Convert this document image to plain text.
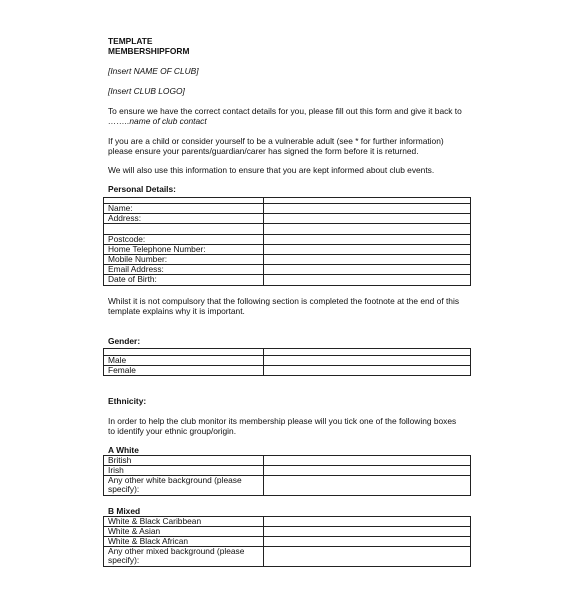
TEMPLATE
MEMBERSHIPFORM
[Insert NAME OF CLUB]
[Insert CLUB LOGO]
To ensure we have the correct contact details for you, please fill out this form and give it back to
……..name of club contact
If you are a child or consider yourself to be a vulnerable adult (see * for further information)
please ensure your parents/guardian/carer has signed the form before it is returned.
We will also use this information to ensure that you are kept informed about club events.
Personal Details:

Name:	
Address:	

Postcode:	
Home Telephone Number:	
Mobile Number:	
Email Address:	
Date of Birth:	
Whilst it is not compulsory that the following section is completed the footnote at the end of this
template explains why it is important.
Gender:

Male	
Female	
Ethnicity:
In order to help the club monitor its membership please will you tick one of the following boxes
to identify your ethnic group/origin.
A White
British	
Irish	
Any other white background (please
specify):	
B Mixed
White & Black Caribbean	
White & Asian	
White & Black African	
Any other mixed background (please
specify):	
